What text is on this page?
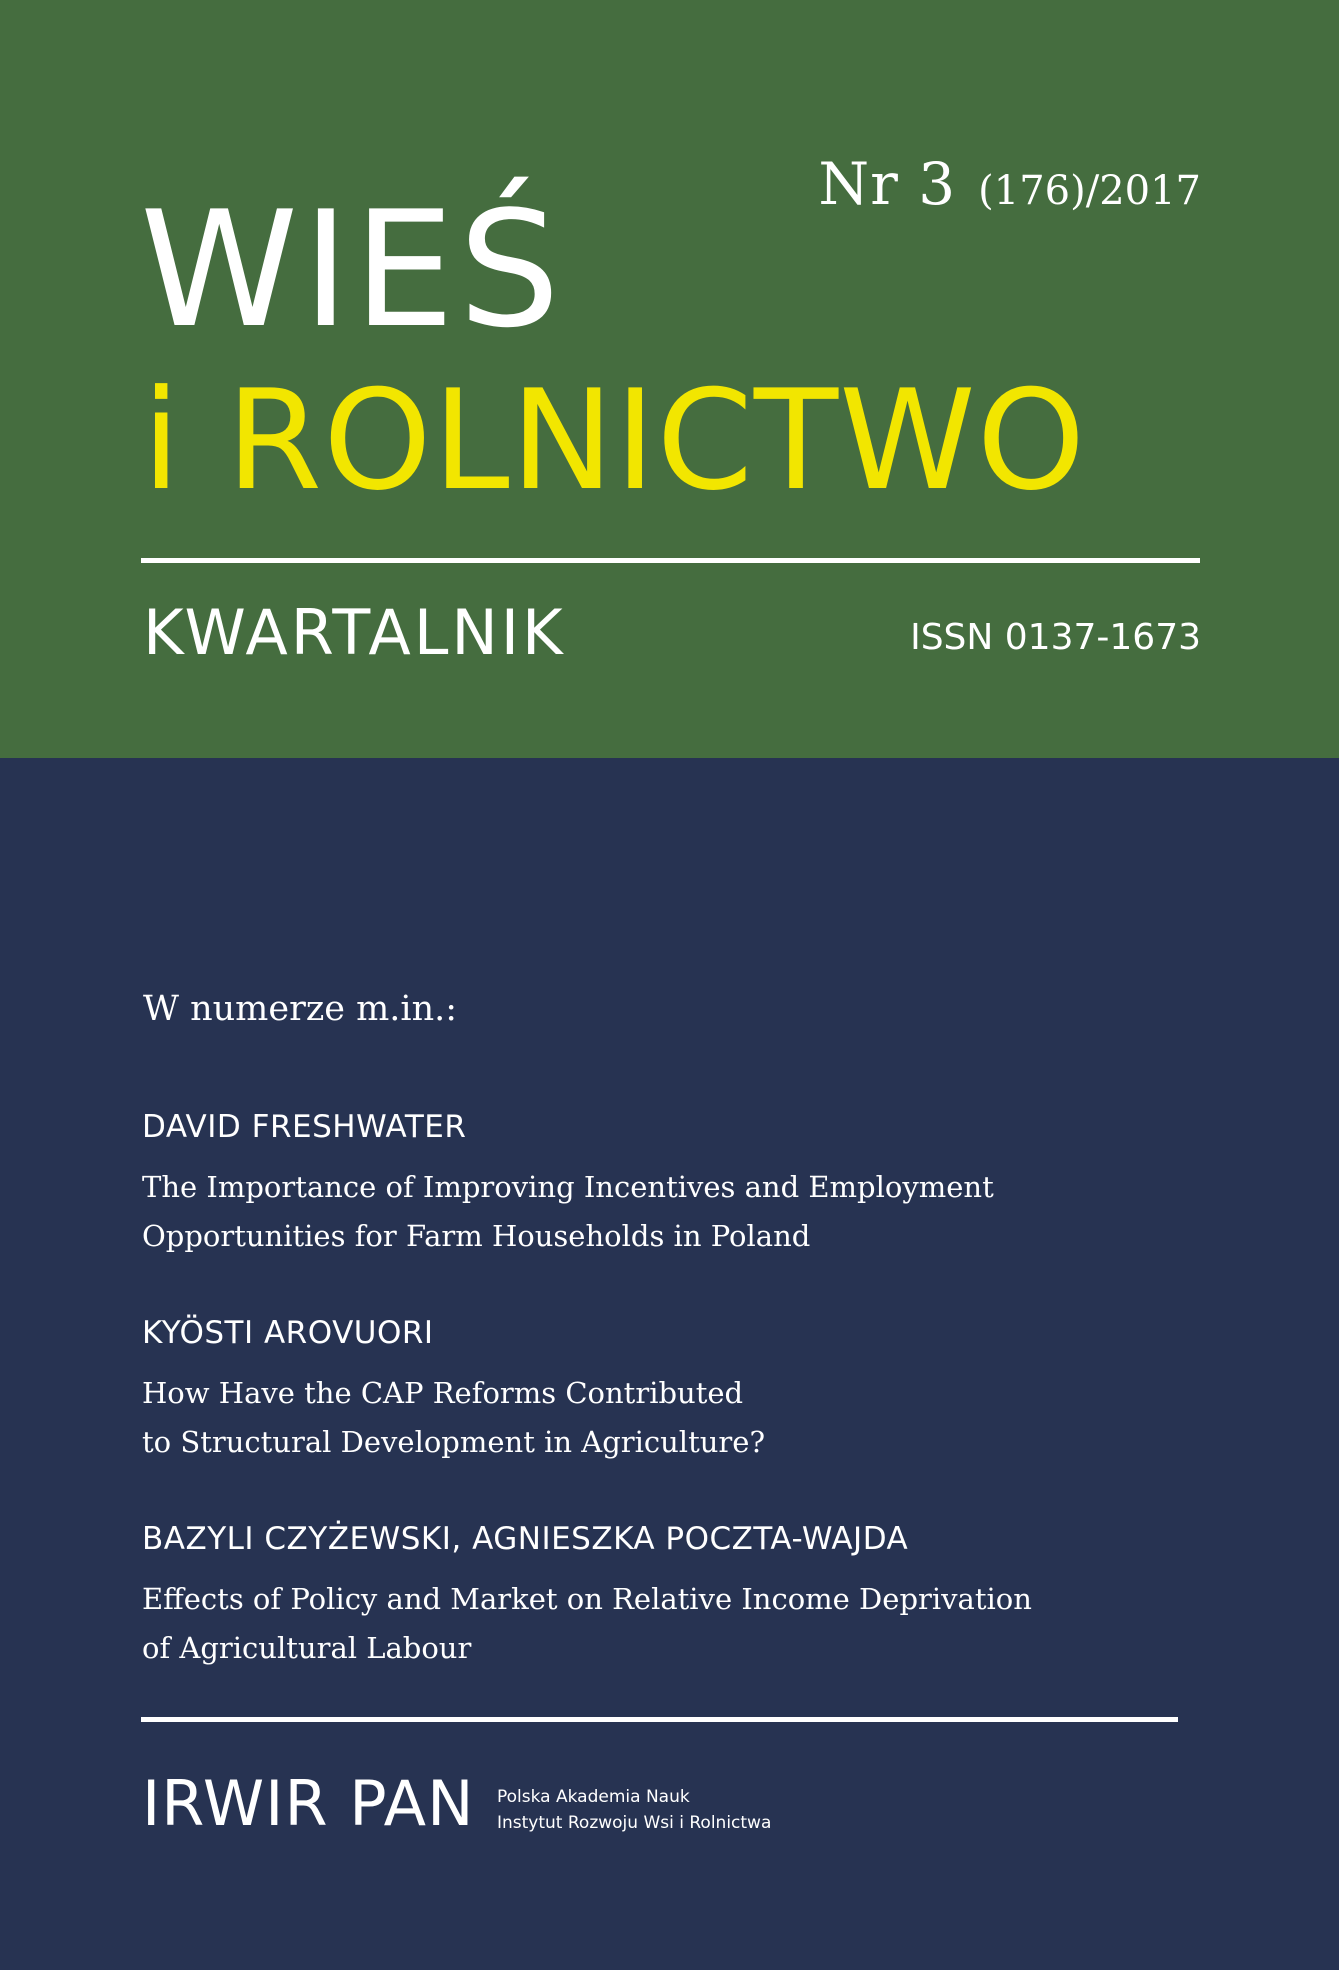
Nr 3 (176)/2017
WIEŚ
i ROLNICTWO
KWARTALNIK	ISSN 0137-1673
W numerze m.in.:
DAVID FRESHWATER
The Importance of Improving Incentives and Employment
Opportunities for Farm Households in Poland
KYÖSTI AROVUORI
How Have the CAP Reforms Contributed
to Structural Development in Agriculture?
BAZYLI CZYŻEWSKI, AGNIESZKA POCZTA-WAJDA
Effects of Policy and Market on Relative Income Deprivation
of Agricultural Labour
IRWIR PAN Polska Akademia Nauk
Instytut Rozwoju Wsi i Rolnictwa
